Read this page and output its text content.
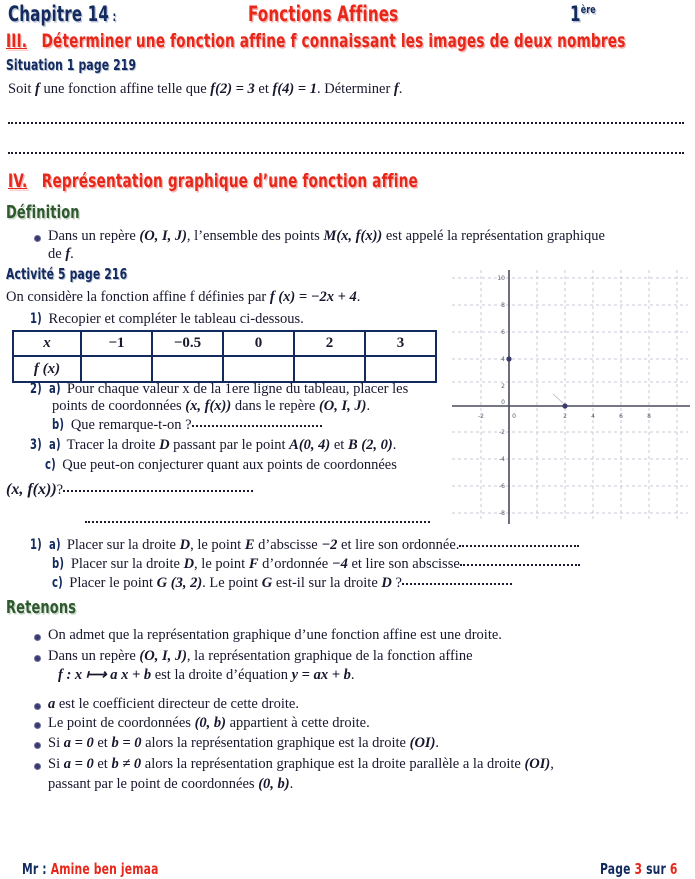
Chapitre 14 :	Fonctions Affines	1ère
III. Déterminer une fonction affine f connaissant les images de deux nombres
Situation 1 page 219
Soit f une fonction affine telle que f(2) = 3 et f(4) = 1. Déterminer f.
IV. Représentation graphique d’une fonction affine
Définition
Dans un repère (O, I, J), l’ensemble des points M(x, f(x)) est appelé la représentation graphique
de f.
Activité 5 page 216
On considère la fonction affine f définies par f (x) = −2x + 4.
1) Recopier et compléter le tableau ci-dessous.
x	−1	−0.5	0	2	3
f (x)					
2) a) Pour chaque valeur x de la 1ere ligne du tableau, placer les
points de coordonnées (x, f(x)) dans le repère (O, I, J).
b) Que remarque-t-on ?
3) a) Tracer la droite D passant par le point A(0, 4) et B (2, 0).
c) Que peut-on conjecturer quant aux points de coordonnées
(x, f(x))?
1) a) Placer sur la droite D, le point E d’abscisse −2 et lire son ordonnée.
b) Placer sur la droite D, le point F d’ordonnée −4 et lire son abscisse
c) Placer le point G (3, 2). Le point G est-il sur la droite D ?
Retenons
On admet que la représentation graphique d’une fonction affine est une droite.
Dans un repère (O, I, J), la représentation graphique de la fonction affine
f : x ⟼ a x + b est la droite d’équation y = ax + b.
a est le coefficient directeur de cette droite.
Le point de coordonnées (0, b) appartient à cette droite.
Si a = 0 et b = 0 alors la représentation graphique est la droite (OI).
Si a = 0 et b ≠ 0 alors la représentation graphique est la droite parallèle a la droite (OI),
passant par le point de coordonnées (0, b).
-2	0	2	4	6	8
10
8
6
4
2
0
-2
-4
-6
-8
Mr : Amine ben jemaa	Page 3 sur 6
